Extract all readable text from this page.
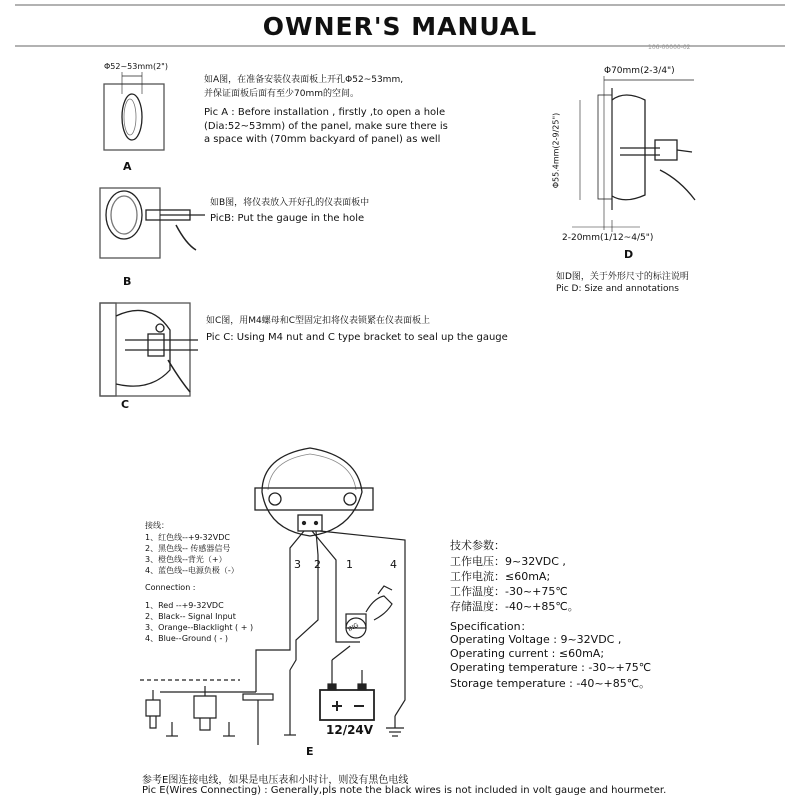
OWNER'S MANUAL
106-00000-02
Φ52~53mm(2")
A
如A图，在准备安装仪表面板上开孔Φ52~53mm,
并保证面板后面有至少70mm的空间。
Pic A : Before installation , firstly ,to open a hole
(Dia:52~53mm) of the panel, make sure there is
a space with (70mm backyard of panel) as well
B
如B图，将仪表放入开好孔的仪表面板中
PicB: Put the gauge in the hole
C
如C图，用M4螺母和C型固定扣将仪表锁紧在仪表面板上
Pic C: Using M4 nut and C type bracket to seal up the gauge
Φ70mm(2-3/4")
Φ55.4mm(2-9/25")
2-20mm(1/12~4/5")
D
如D图，关于外形尺寸的标注说明
Pic D: Size and annotations
接线：
1、红色线--+9-32VDC
2、黑色线-- 传感器信号
3、橙色线--背光（+）
4、蓝色线--电源负极（-）
Connection :
1、Red --+9-32VDC
2、Black-- Signal Input
3、Orange--Blacklight ( + )
4、Blue--Ground ( - )
3 2 1	4
ING
12/24V
E
技术参数：
工作电压：9~32VDC ,
工作电流：≤60mA;
工作温度：-30~+75℃
存储温度：-40~+85℃。
Specification：
Operating Voltage : 9~32VDC ,
Operating current : ≤60mA;
Operating temperature : -30~+75℃
Storage temperature : -40~+85℃。
参考E图连接电线，如果是电压表和小时计，则没有黑色电线
Pic E(Wires Connecting) : Generally,pls note the black wires is not included in volt gauge and hourmeter.
